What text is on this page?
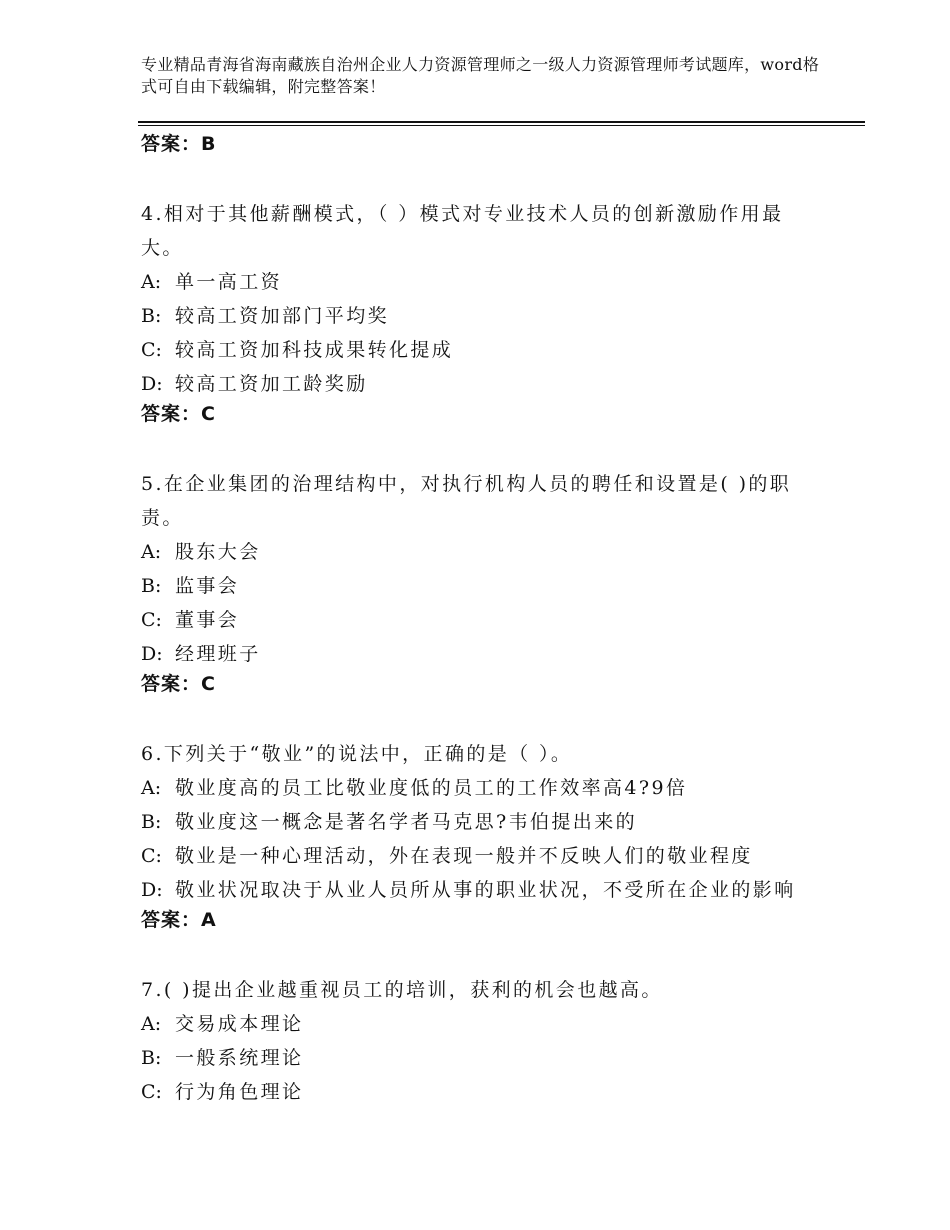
专业精品青海省海南藏族自治州企业人力资源管理师之一级人力资源管理师考试题库，word格式可自由下载编辑，附完整答案！
答案：B
4.相对于其他薪酬模式，（ ）模式对专业技术人员的创新激励作用最大。
A: 单一高工资
B: 较高工资加部门平均奖
C: 较高工资加科技成果转化提成
D: 较高工资加工龄奖励
答案：C
5.在企业集团的治理结构中，对执行机构人员的聘任和设置是( )的职责。
A: 股东大会
B: 监事会
C: 董事会
D: 经理班子
答案：C
6.下列关于“敬业”的说法中，正确的是（ ）。
A: 敬业度高的员工比敬业度低的员工的工作效率高4?9倍
B: 敬业度这一概念是著名学者马克思?韦伯提出来的
C: 敬业是一种心理活动，外在表现一般并不反映人们的敬业程度
D: 敬业状况取决于从业人员所从事的职业状况，不受所在企业的影响
答案：A
7.( )提出企业越重视员工的培训，获利的机会也越高。
A: 交易成本理论
B: 一般系统理论
C: 行为角色理论
